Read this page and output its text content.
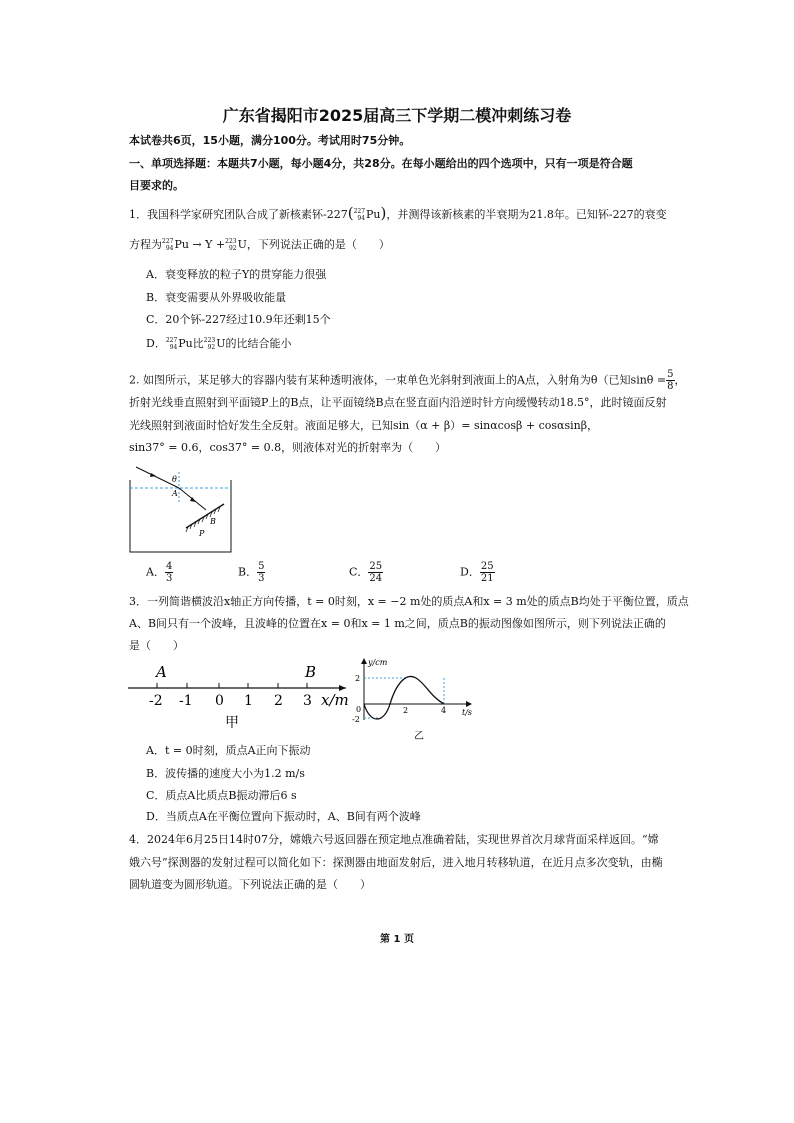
广东省揭阳市2025届高三下学期二模冲刺练习卷
本试卷共6页，15小题，满分100分。考试用时75分钟。
一、单项选择题：本题共7小题，每小题4分，共28分。在每小题给出的四个选项中，只有一项是符合题
目要求的。
1．我国科学家研究团队合成了新核素钚-227( 227
94 Pu)，并测得该新核素的半衰期为21.8年。已知钚-227的衰变
方程为 227
94 Pu → Y + 223
92 U，下列说法正确的是（　　）
A．衰变释放的粒子Y的贯穿能力很强
B．衰变需要从外界吸收能量
C．20个钚-227经过10.9年还剩15个
D． 227
94 Pu比 223
92 U的比结合能小
2. 如图所示，某足够大的容器内装有某种透明液体，一束单色光斜射到液面上的A点，入射角为θ（已知$\sin\theta = \frac{5}{8}$ ，
折射光线垂直照射到平面镜P上的B点，让平面镜绕B点在竖直面内沿逆时针方向缓慢转动18.5°，此时镜面反射
光线照射到液面时恰好发生全反射。液面足够大，已知sin（α + β）= sinαcosβ + cosαsinβ，
sin37° = 0.6，cos37° = 0.8，则液体对光的折射率为（　　）
θ
A
B
P
A． $\frac{4}{3}$	B． $\frac{5}{3}$	C． $\frac{25}{24}$	D． $\frac{25}{21}$
3．一列简谐横波沿x轴正方向传播，t = 0时刻，x = −2 m处的质点A和x = 3 m处的质点B均处于平衡位置，质点
A、B间只有一个波峰，且波峰的位置在x = 0和x = 1 m之间，质点B的振动图像如图所示，则下列说法正确的
是（　　）
A	B
-2 -1 0 1 2 3 x/m
甲
y/cm
t/s
2
0
-2
2	4
乙
A．t = 0时刻，质点A正向下振动
B．波传播的速度大小为1.2 m/s
C．质点A比质点B振动滞后6 s
D．当质点A在平衡位置向下振动时，A、B间有两个波峰
4．2024年6月25日14时07分，嫦娥六号返回器在预定地点准确着陆，实现世界首次月球背面采样返回。“嫦
娥六号”探测器的发射过程可以简化如下：探测器由地面发射后，进入地月转移轨道，在近月点多次变轨，由椭
圆轨道变为圆形轨道。下列说法正确的是（　　）
第 1 页
